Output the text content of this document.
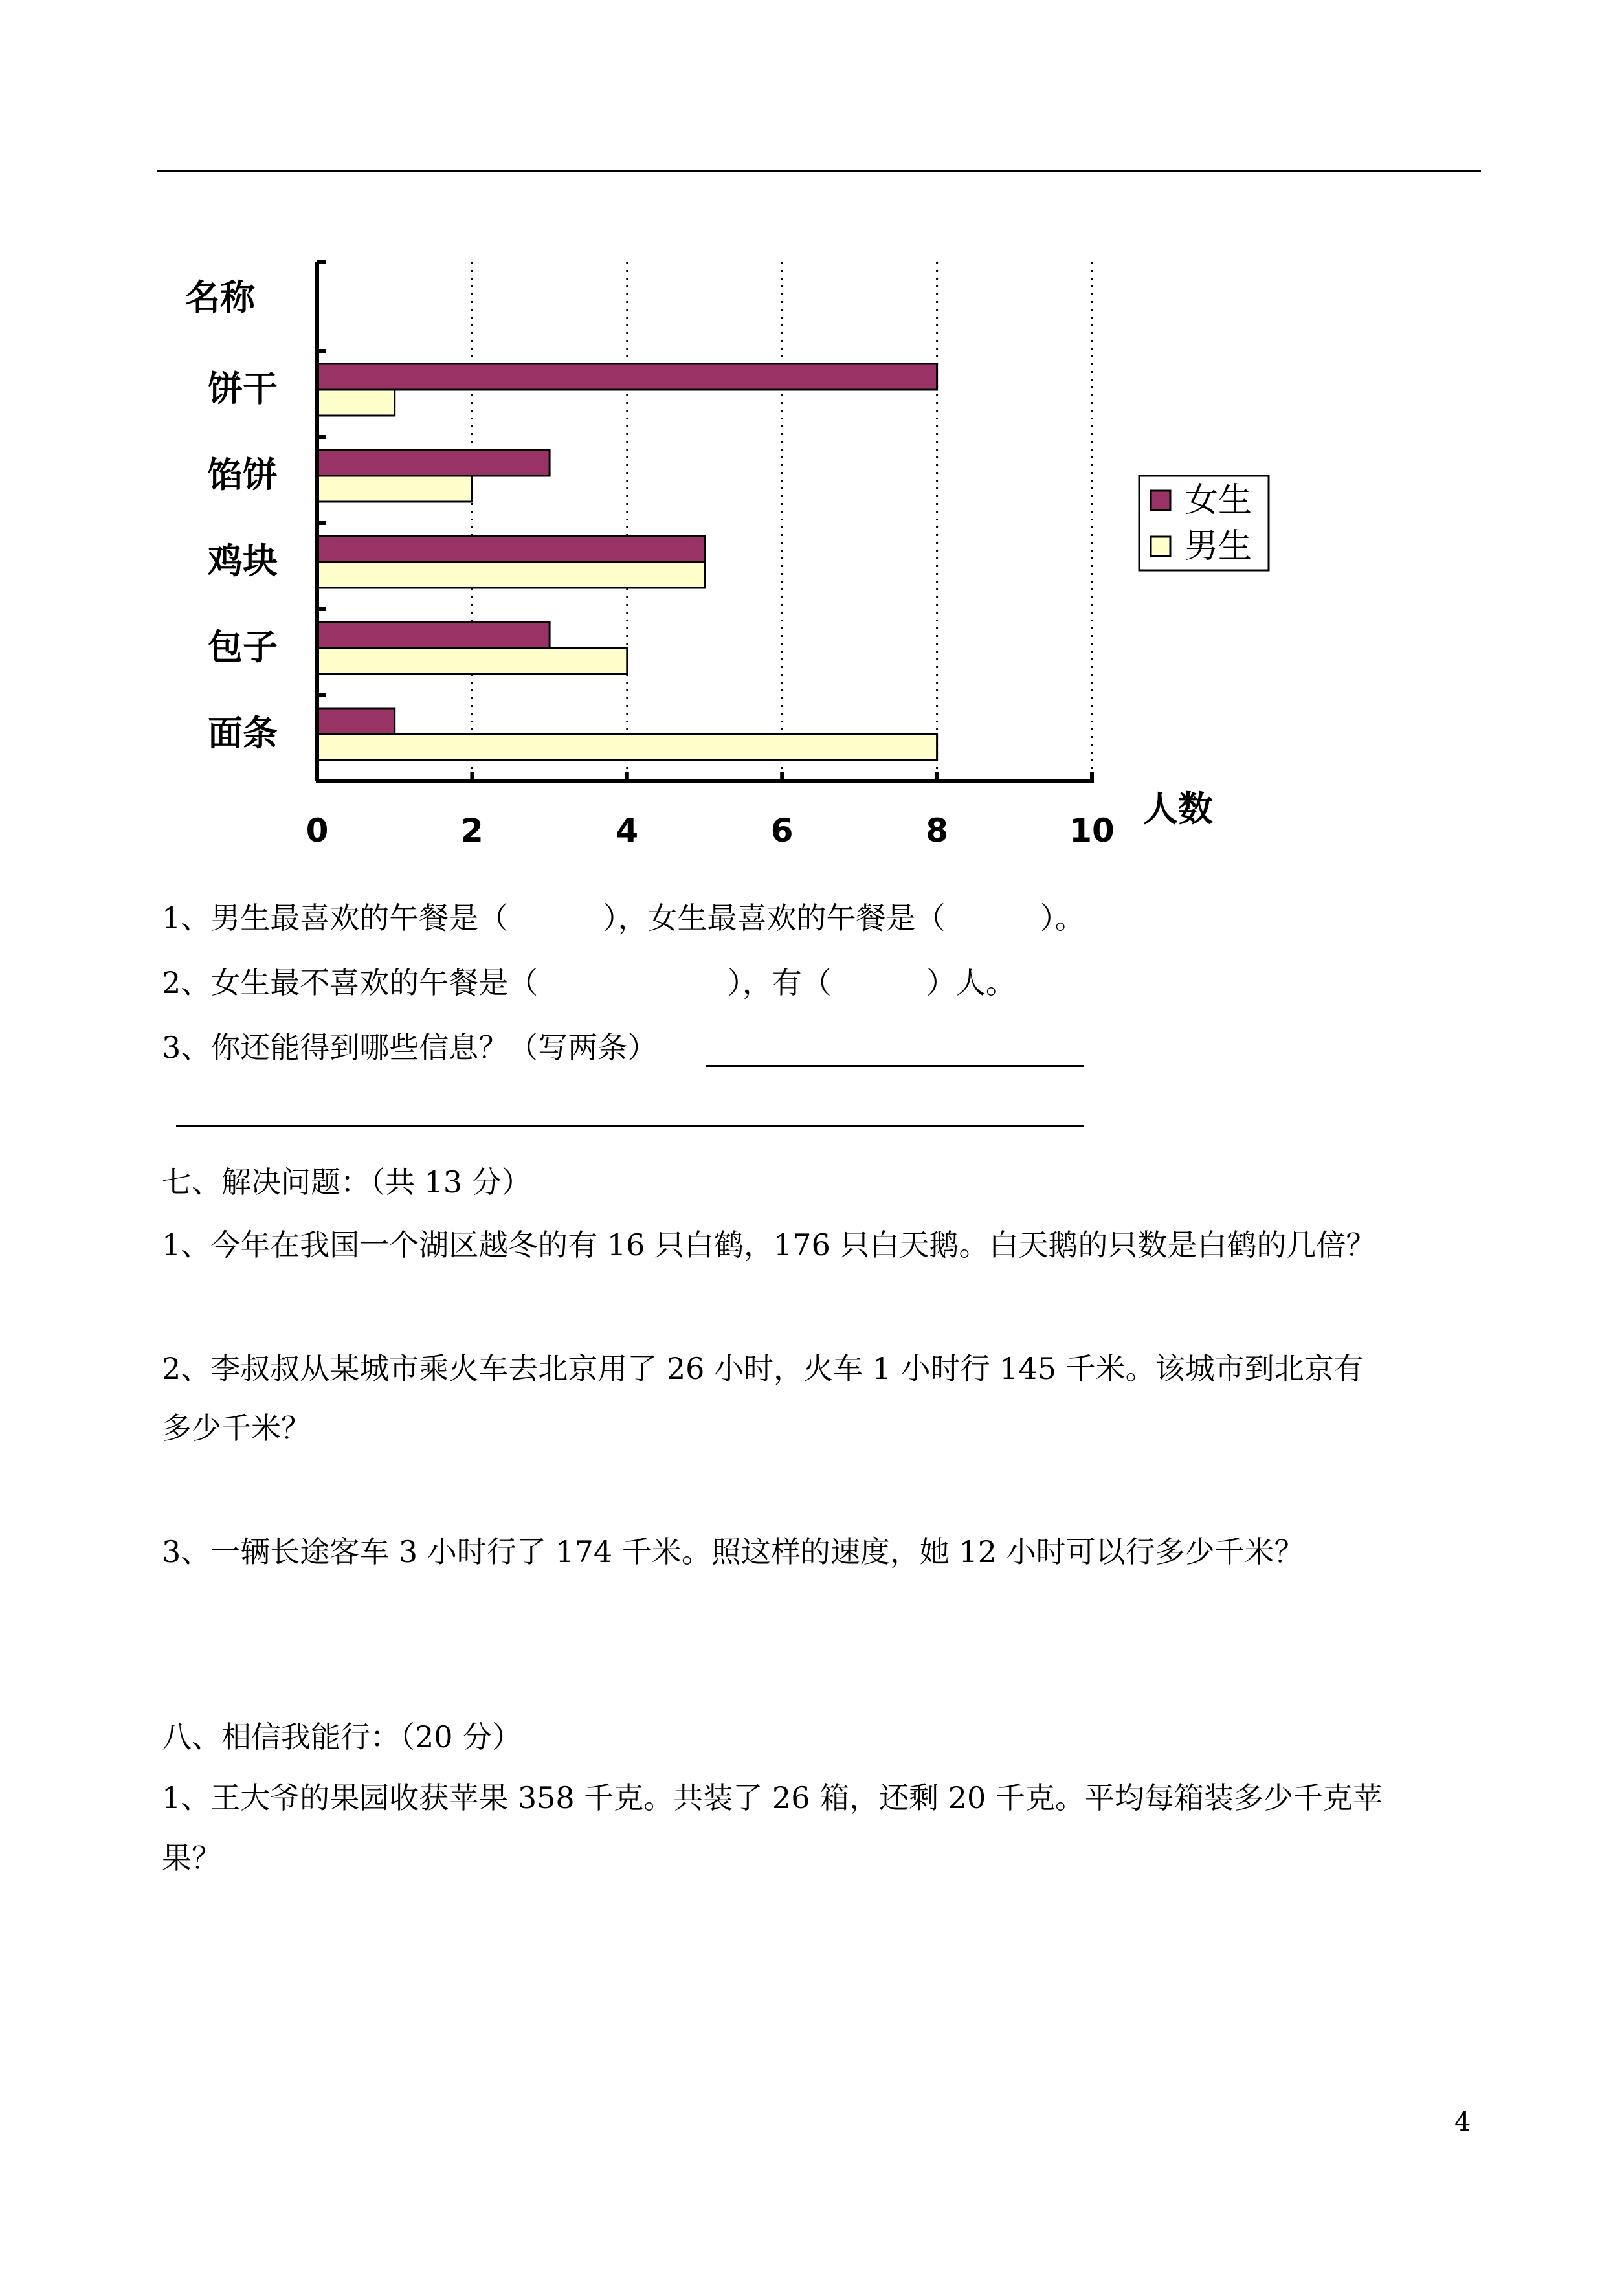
饼干
馅饼
鸡块
包子
面条
0	2	4	6	8	10
名称
人数
女生
男生
1、男生最喜欢的午餐是（          ），女生最喜欢的午餐是（          ）。
2、女生最不喜欢的午餐是（                    ），有（          ）人。
3、你还能得到哪些信息？（写两条）
七、解决问题：（共 13 分）
1、今年在我国一个湖区越冬的有 16 只白鹤，176 只白天鹅。白天鹅的只数是白鹤的几倍？
2、李叔叔从某城市乘火车去北京用了 26 小时，火车 1 小时行 145 千米。该城市到北京有
多少千米？
3、一辆长途客车 3 小时行了 174 千米。照这样的速度，她 12 小时可以行多少千米？
八、相信我能行：（20 分）
1、王大爷的果园收获苹果 358 千克。共装了 26 箱，还剩 20 千克。平均每箱装多少千克苹
果？
4
